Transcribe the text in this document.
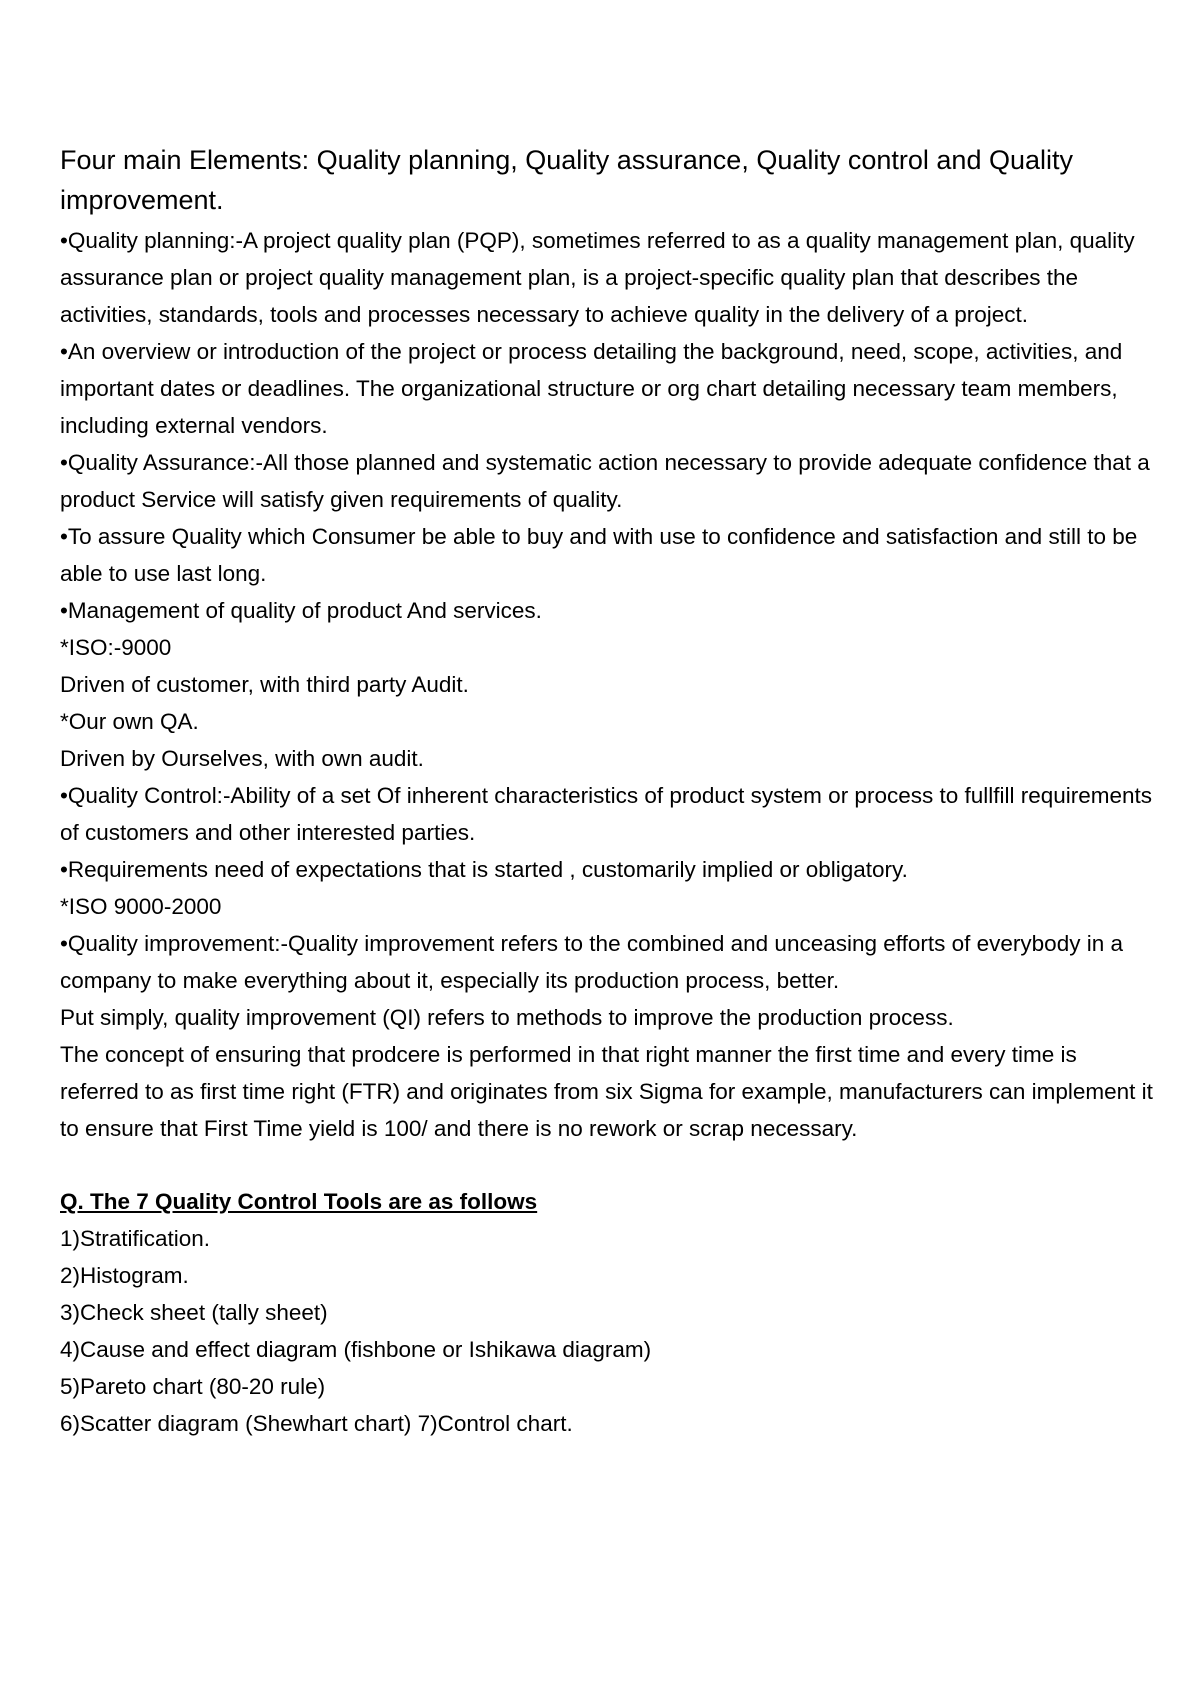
Four main Elements: Quality planning, Quality assurance, Quality control and Quality improvement.
•Quality planning:-A project quality plan (PQP), sometimes referred to as a quality management plan, quality assurance plan or project quality management plan, is a project-specific quality plan that describes the activities, standards, tools and processes necessary to achieve quality in the delivery of a project.
•An overview or introduction of the project or process detailing the background, need, scope, activities, and important dates or deadlines. The organizational structure or org chart detailing necessary team members, including external vendors.
•Quality Assurance:-All those planned and systematic action necessary to provide adequate confidence that a product Service will satisfy given requirements of quality.
•To assure Quality which Consumer be able to buy and with use to confidence and satisfaction and still to be able to use last long.
•Management of quality of product And services.
*ISO:-9000
Driven of customer, with third party Audit.
*Our own QA.
Driven by Ourselves, with own audit.
•Quality Control:-Ability of a set Of inherent characteristics of product system or process to fullfill requirements of customers and other interested parties.
•Requirements need of expectations that is started , customarily implied or obligatory.
*ISO 9000-2000
•Quality improvement:-Quality improvement refers to the combined and unceasing efforts of everybody in a company to make everything about it, especially its production process, better.
Put simply, quality improvement (QI) refers to methods to improve the production process.
The concept of ensuring that prodcere is performed in that right manner the first time and every time is referred to as first time right (FTR) and originates from six Sigma for example, manufacturers can implement it to ensure that First Time yield is 100/ and there is no rework or scrap necessary.
Q. The 7 Quality Control Tools are as follows
1)Stratification.
2)Histogram.
3)Check sheet (tally sheet)
4)Cause and effect diagram (fishbone or Ishikawa diagram)
5)Pareto chart (80-20 rule)
6)Scatter diagram (Shewhart chart) 7)Control chart.
